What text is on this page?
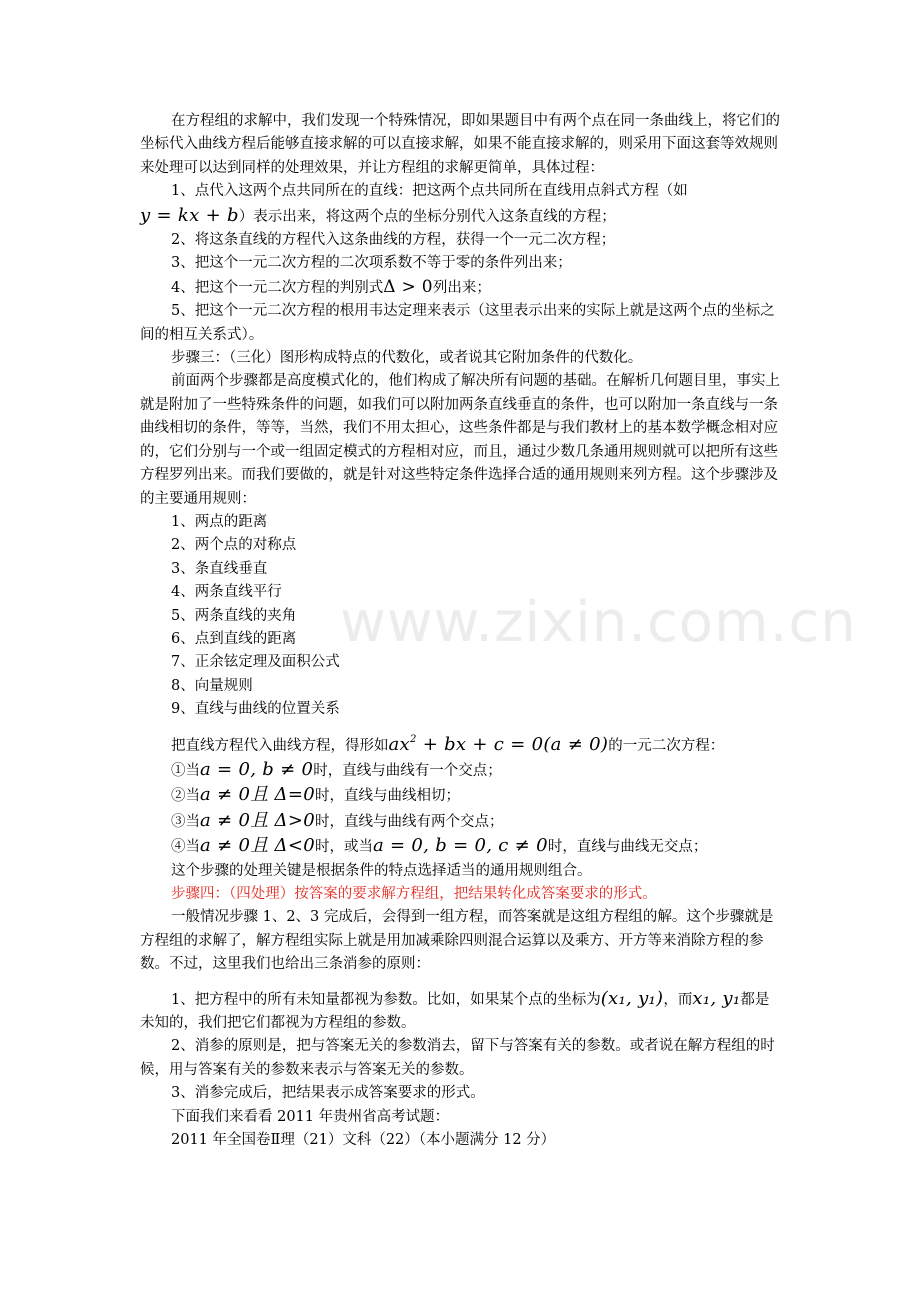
www.zixin.com.cn

在方程组的求解中，我们发现一个特殊情况，即如果题目中有两个点在同一条曲线上，将它们的坐标代入曲线方程后能够直接求解的可以直接求解，如果不能直接求解的，则采用下面这套等效规则来处理可以达到同样的处理效果，并让方程组的求解更简单，具体过程：

1、点代入这两个点共同所在的直线：把这两个点共同所在直线用点斜式方程（如

y = kx + b）表示出来，将这两个点的坐标分别代入这条直线的方程；

2、将这条直线的方程代入这条曲线的方程，获得一个一元二次方程；

3、把这个一元二次方程的二次项系数不等于零的条件列出来；

4、把这个一元二次方程的判别式Δ > 0列出来；

5、把这个一元二次方程的根用韦达定理来表示（这里表示出来的实际上就是这两个点的坐标之间的相互关系式）。

步骤三：（三化）图形构成特点的代数化，或者说其它附加条件的代数化。

前面两个步骤都是高度模式化的，他们构成了解决所有问题的基础。在解析几何题目里，事实上就是附加了一些特殊条件的问题，如我们可以附加两条直线垂直的条件，也可以附加一条直线与一条曲线相切的条件，等等，当然，我们不用太担心，这些条件都是与我们教材上的基本数学概念相对应的，它们分别与一个或一组固定模式的方程相对应，而且，通过少数几条通用规则就可以把所有这些方程罗列出来。而我们要做的，就是针对这些特定条件选择合适的通用规则来列方程。这个步骤涉及的主要通用规则：

1、两点的距离

2、两个点的对称点

3、条直线垂直

4、两条直线平行

5、两条直线的夹角

6、点到直线的距离

7、正余铉定理及面积公式

8、向量规则

9、直线与曲线的位置关系

把直线方程代入曲线方程，得形如$ax^2$ + bx + c = 0(a ≠ 0)的一元二次方程：

①当a = 0, b ≠ 0时，直线与曲线有一个交点；

②当a ≠ 0且 Δ=0时，直线与曲线相切；

③当a ≠ 0且 Δ>0时，直线与曲线有两个交点；

④当a ≠ 0且 Δ<0时，或当a = 0, b = 0, c ≠ 0时，直线与曲线无交点；

这个步骤的处理关键是根据条件的特点选择适当的通用规则组合。

步骤四：（四处理）按答案的要求解方程组，把结果转化成答案要求的形式。

一般情况步骤 1、2、3 完成后，会得到一组方程，而答案就是这组方程组的解。这个步骤就是方程组的求解了，解方程组实际上就是用加减乘除四则混合运算以及乘方、开方等来消除方程的参数。不过，这里我们也给出三条消参的原则：

1、把方程中的所有未知量都视为参数。比如，如果某个点的坐标为(x₁, y₁)，而x₁, y₁都是未知的，我们把它们都视为方程组的参数。

2、消参的原则是，把与答案无关的参数消去，留下与答案有关的参数。或者说在解方程组的时候，用与答案有关的参数来表示与答案无关的参数。

3、消参完成后，把结果表示成答案要求的形式。

下面我们来看看 2011 年贵州省高考试题：

2011 年全国卷Ⅱ理（21）文科（22）（本小题满分 12 分）
